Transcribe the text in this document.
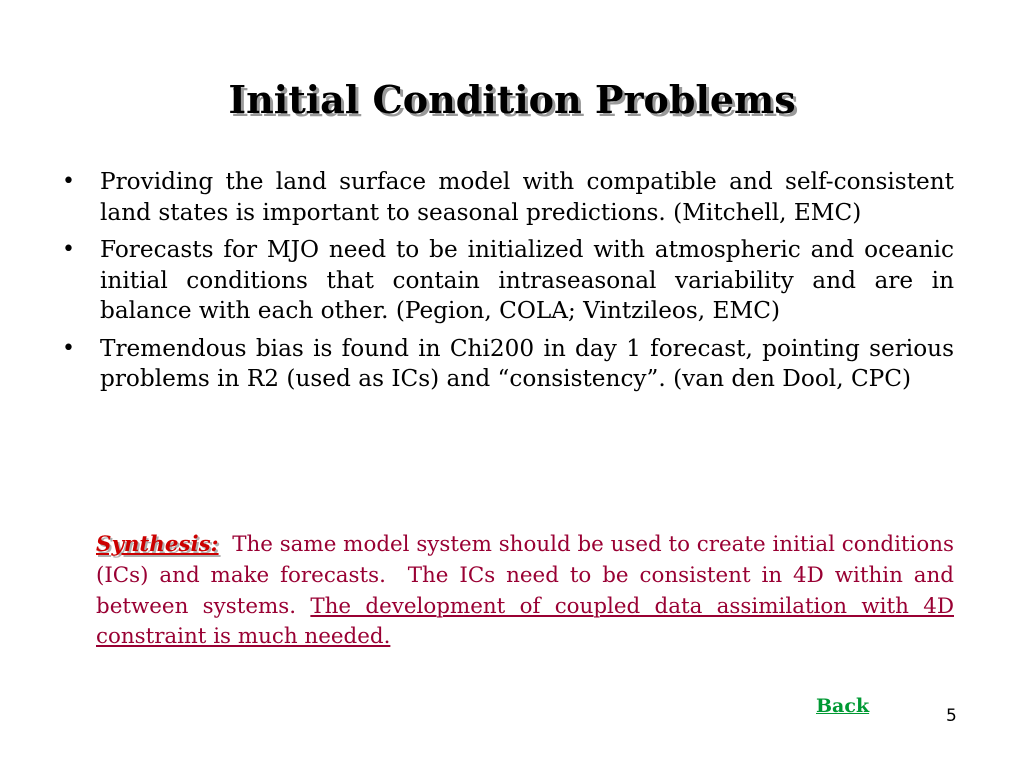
Initial Condition Problems
• Providing the land surface model with compatible and self-consistent land states is important to seasonal predictions. (Mitchell, EMC)
• Forecasts for MJO need to be initialized with atmospheric and oceanic initial conditions that contain intraseasonal variability and are in balance with each other. (Pegion, COLA; Vintzileos, EMC)
• Tremendous bias is found in Chi200 in day 1 forecast, pointing serious problems in R2 (used as ICs) and “consistency”. (van den Dool, CPC)
Synthesis:  The same model system should be used to create initial conditions (ICs) and make forecasts.  The ICs need to be consistent in 4D within and between systems. The development of coupled data assimilation with 4D constraint is much needed.
Back	5
